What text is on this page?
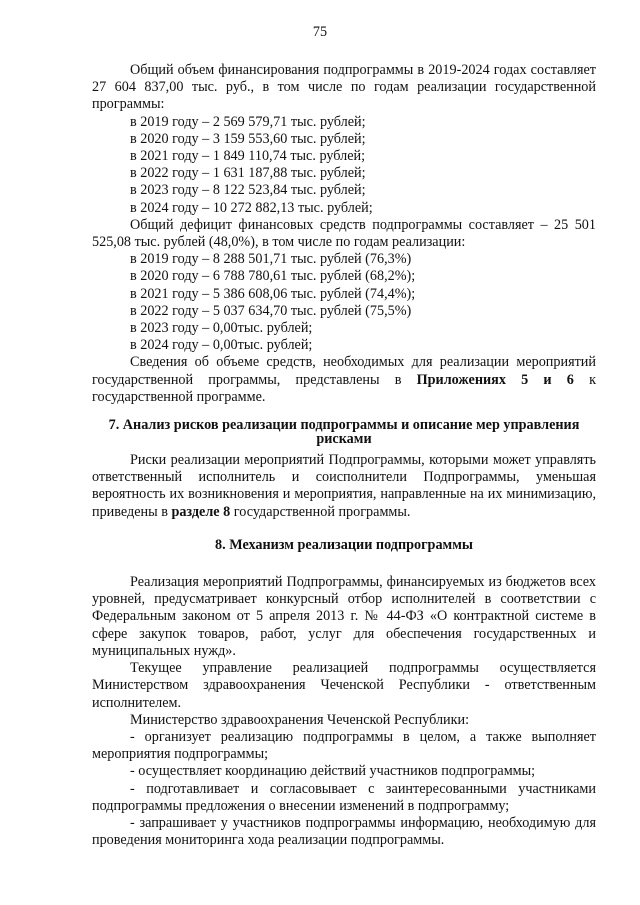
75

Общий объем финансирования подпрограммы в 2019-2024 годах составляет 27 604 837,00 тыс. руб., в том числе по годам реализации государственной программы:

в 2019 году – 2 569 579,71 тыс. рублей;

в 2020 году – 3 159 553,60 тыс. рублей;

в 2021 году – 1 849 110,74 тыс. рублей;

в 2022 году – 1 631 187,88 тыс. рублей;

в 2023 году – 8 122 523,84 тыс. рублей;

в 2024 году – 10 272 882,13 тыс. рублей;

Общий дефицит финансовых средств подпрограммы составляет – 25 501 525,08 тыс. рублей (48,0%), в том числе по годам реализации:

в 2019 году – 8 288 501,71 тыс. рублей (76,3%)

в 2020 году – 6 788 780,61 тыс. рублей (68,2%);

в 2021 году – 5 386 608,06 тыс. рублей (74,4%);

в 2022 году – 5 037 634,70 тыс. рублей (75,5%)

в 2023 году – 0,00тыс. рублей;

в 2024 году – 0,00тыс. рублей;

Сведения об объеме средств, необходимых для реализации мероприятий государственной программы, представлены в Приложениях 5 и 6 к государственной программе.

7. Анализ рисков реализации подпрограммы и описание мер управления рисками

Риски реализации мероприятий Подпрограммы, которыми может управлять ответственный исполнитель и соисполнители Подпрограммы, уменьшая вероятность их возникновения и мероприятия, направленные на их минимизацию, приведены в разделе 8 государственной программы.

8. Механизм реализации подпрограммы

Реализация мероприятий Подпрограммы, финансируемых из бюджетов всех уровней, предусматривает конкурсный отбор исполнителей в соответствии с Федеральным законом от 5 апреля 2013 г. № 44-ФЗ «О контрактной системе в сфере закупок товаров, работ, услуг для обеспечения государственных и муниципальных нужд».

Текущее управление реализацией подпрограммы осуществляется Министерством здравоохранения Чеченской Республики - ответственным исполнителем.

Министерство здравоохранения Чеченской Республики:

- организует реализацию подпрограммы в целом, а также выполняет мероприятия подпрограммы;

- осуществляет координацию действий участников подпрограммы;

- подготавливает и согласовывает с заинтересованными участниками подпрограммы предложения о внесении изменений в подпрограмму;

- запрашивает у участников подпрограммы информацию, необходимую для проведения мониторинга хода реализации подпрограммы.
